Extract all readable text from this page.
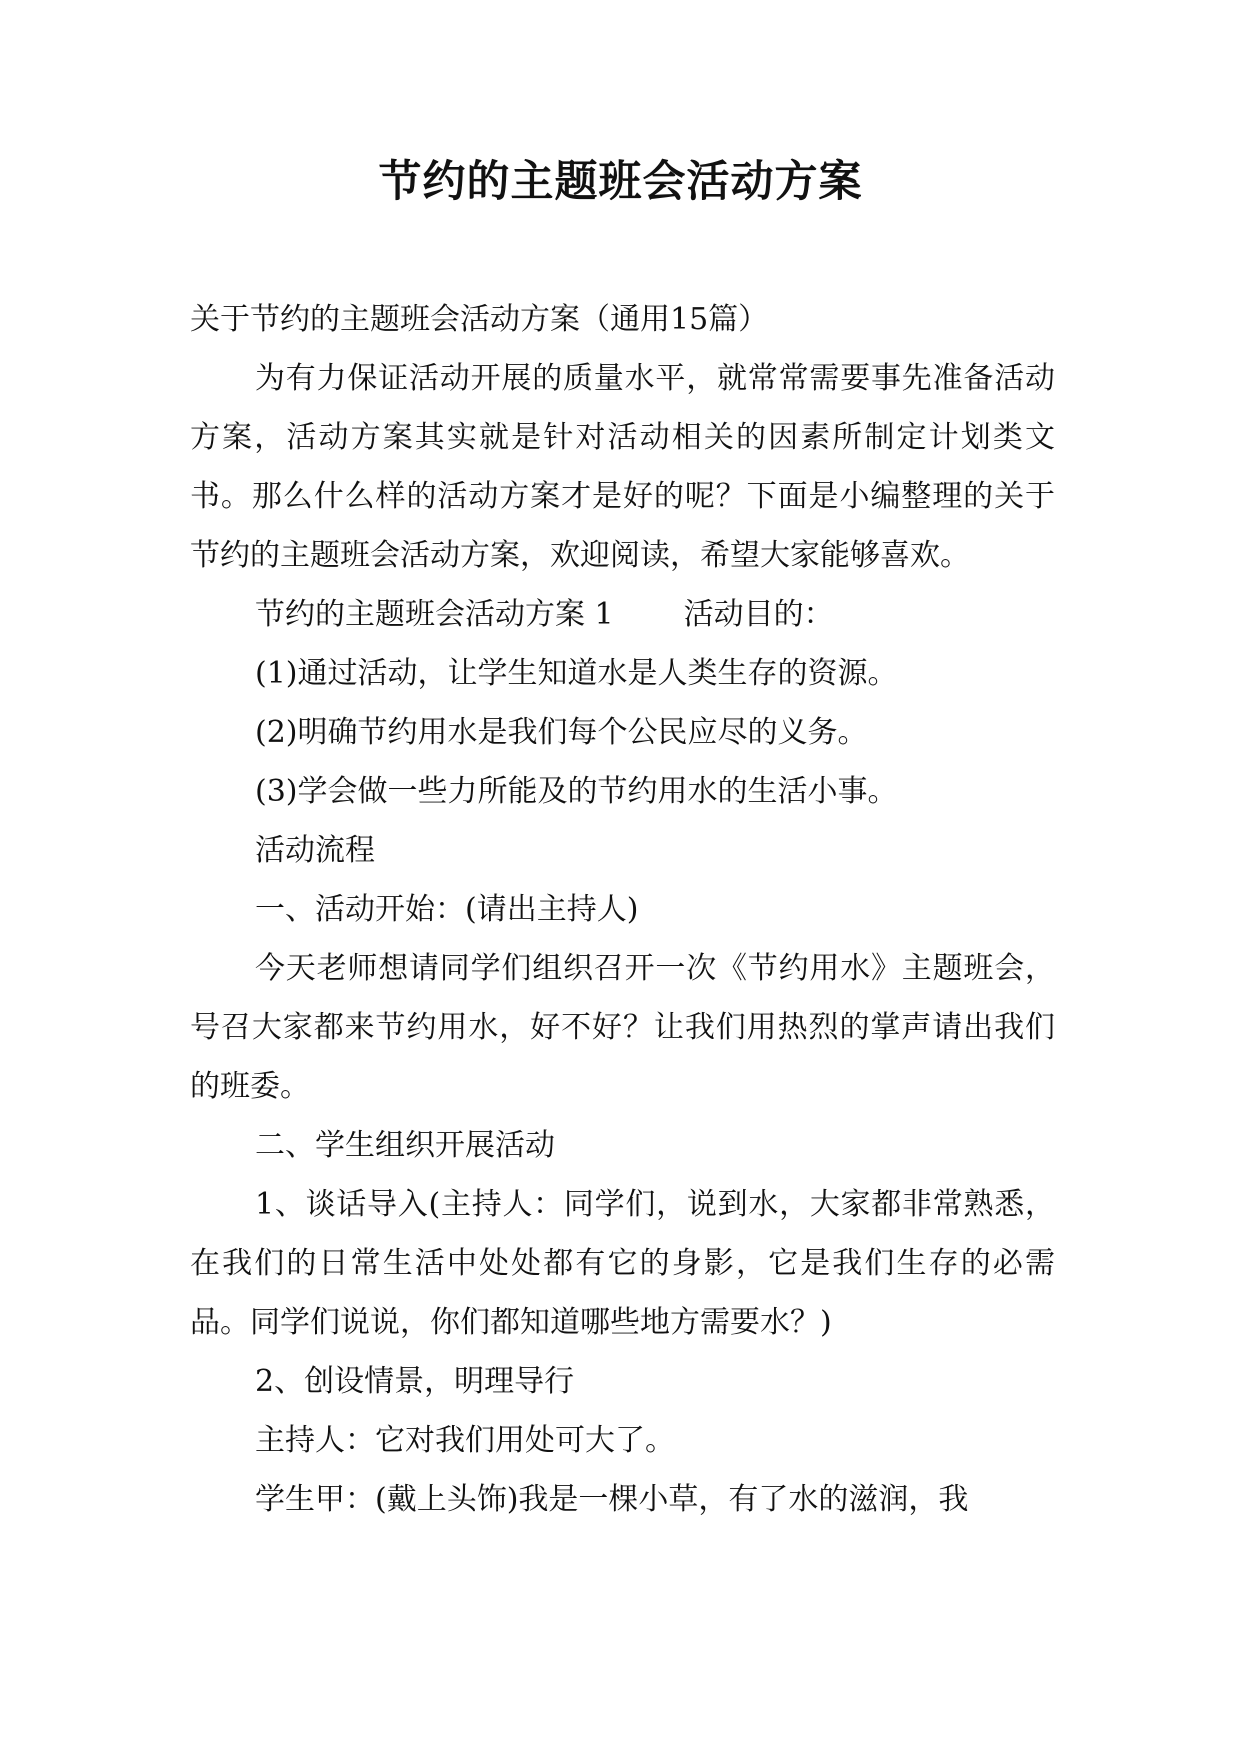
节约的主题班会活动方案

关于节约的主题班会活动方案（通用15篇）

为有力保证活动开展的质量水平，就常常需要事先准备活动方案，活动方案其实就是针对活动相关的因素所制定计划类文书。那么什么样的活动方案才是好的呢？下面是小编整理的关于节约的主题班会活动方案，欢迎阅读，希望大家能够喜欢。

节约的主题班会活动方案 1 活动目的：

(1)通过活动，让学生知道水是人类生存的资源。

(2)明确节约用水是我们每个公民应尽的义务。

(3)学会做一些力所能及的节约用水的生活小事。

活动流程

一、活动开始：(请出主持人)

今天老师想请同学们组织召开一次《节约用水》主题班会，号召大家都来节约用水，好不好？让我们用热烈的掌声请出我们的班委。

二、学生组织开展活动

1、谈话导入(主持人：同学们，说到水，大家都非常熟悉，在我们的日常生活中处处都有它的身影，它是我们生存的必需品。同学们说说，你们都知道哪些地方需要水？)

2、创设情景，明理导行

主持人：它对我们用处可大了。

学生甲：(戴上头饰)我是一棵小草，有了水的滋润，我
